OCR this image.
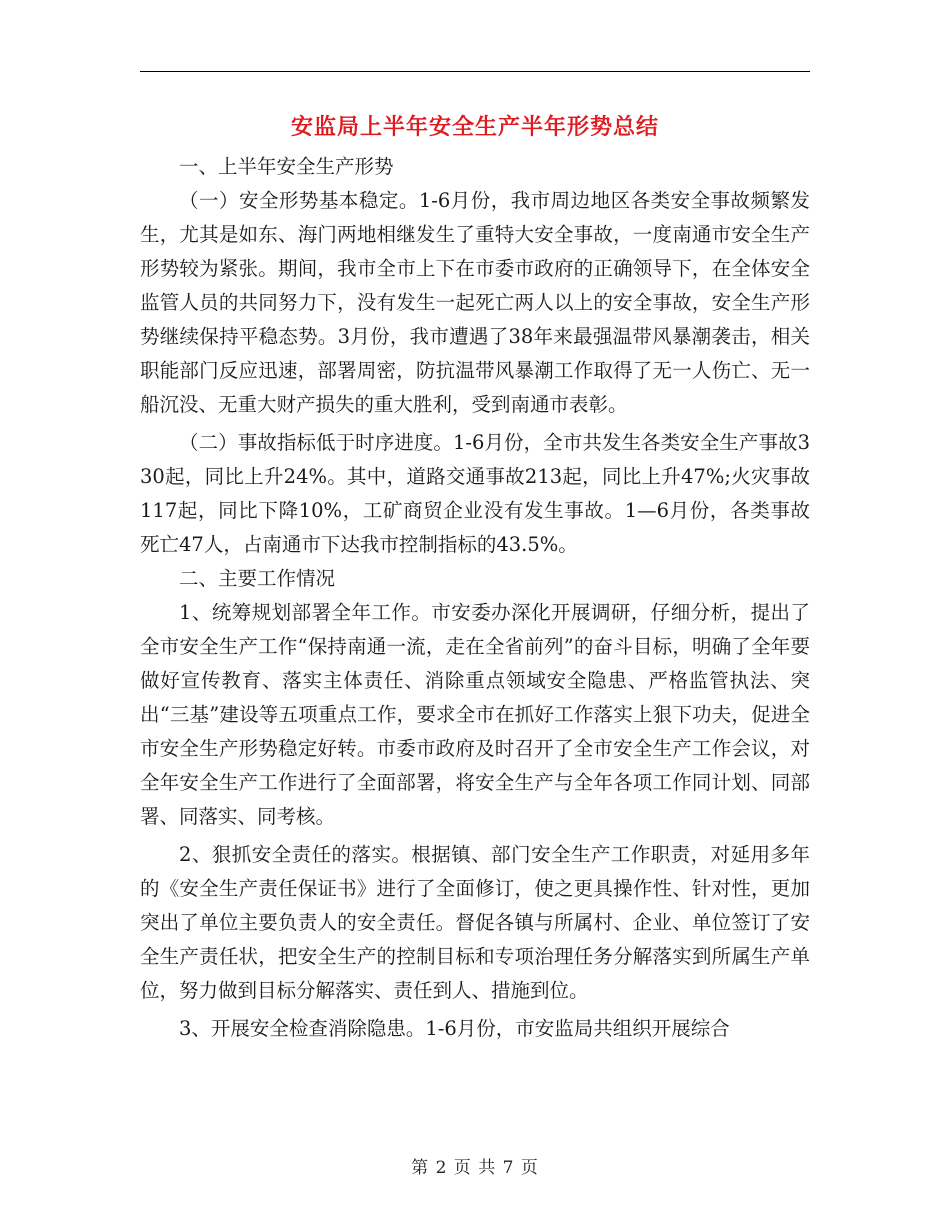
安监局上半年安全生产半年形势总结

一、上半年安全生产形势

（一）安全形势基本稳定。1-6月份，我市周边地区各类安全事故频繁发生，尤其是如东、海门两地相继发生了重特大安全事故，一度南通市安全生产形势较为紧张。期间，我市全市上下在市委市政府的正确领导下，在全体安全监管人员的共同努力下，没有发生一起死亡两人以上的安全事故，安全生产形势继续保持平稳态势。3月份，我市遭遇了38年来最强温带风暴潮袭击，相关职能部门反应迅速，部署周密，防抗温带风暴潮工作取得了无一人伤亡、无一船沉没、无重大财产损失的重大胜利，受到南通市表彰。

（二）事故指标低于时序进度。1-6月份，全市共发生各类安全生产事故330起，同比上升24%。其中，道路交通事故213起，同比上升47%;火灾事故117起，同比下降10%，工矿商贸企业没有发生事故。1—6月份，各类事故死亡47人，占南通市下达我市控制指标的43.5%。

二、主要工作情况

1、统筹规划部署全年工作。市安委办深化开展调研，仔细分析，提出了全市安全生产工作“保持南通一流，走在全省前列”的奋斗目标，明确了全年要做好宣传教育、落实主体责任、消除重点领域安全隐患、严格监管执法、突出“三基”建设等五项重点工作，要求全市在抓好工作落实上狠下功夫，促进全市安全生产形势稳定好转。市委市政府及时召开了全市安全生产工作会议，对全年安全生产工作进行了全面部署，将安全生产与全年各项工作同计划、同部署、同落实、同考核。

2、狠抓安全责任的落实。根据镇、部门安全生产工作职责，对延用多年的《安全生产责任保证书》进行了全面修订，使之更具操作性、针对性，更加突出了单位主要负责人的安全责任。督促各镇与所属村、企业、单位签订了安全生产责任状，把安全生产的控制目标和专项治理任务分解落实到所属生产单位，努力做到目标分解落实、责任到人、措施到位。

3、开展安全检查消除隐患。1-6月份，市安监局共组织开展综合

第 2 页 共 7 页
